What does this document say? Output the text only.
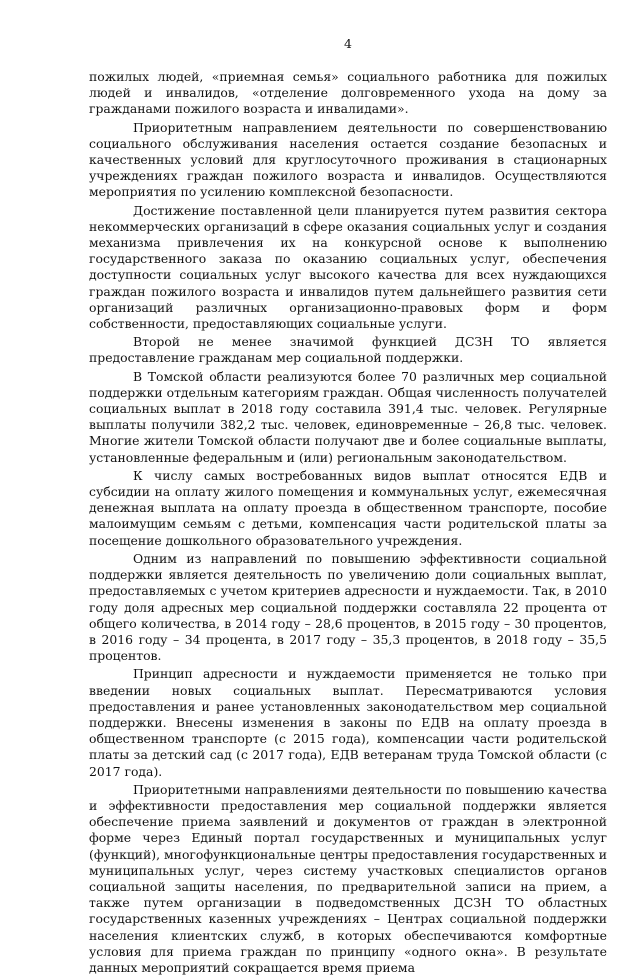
4

пожилых людей, «приемная семья» социального работника для пожилых людей и инвалидов, «отделение долговременного ухода на дому за гражданами пожилого возраста и инвалидами».

Приоритетным направлением деятельности по совершенствованию социального обслуживания населения остается создание безопасных и качественных условий для круглосуточного проживания в стационарных учреждениях граждан пожилого возраста и инвалидов. Осуществляются мероприятия по усилению комплексной безопасности.

Достижение поставленной цели планируется путем развития сектора некоммерческих организаций в сфере оказания социальных услуг и создания механизма привлечения их на конкурсной основе к выполнению государственного заказа по оказанию социальных услуг, обеспечения доступности социальных услуг высокого качества для всех нуждающихся граждан пожилого возраста и инвалидов путем дальнейшего развития сети организаций различных организационно-правовых форм и форм собственности, предоставляющих социальные услуги.

Второй не менее значимой функцией ДСЗН ТО является предоставление гражданам мер социальной поддержки.

В Томской области реализуются более 70 различных мер социальной поддержки отдельным категориям граждан. Общая численность получателей социальных выплат в 2018 году составила 391,4 тыс. человек. Регулярные выплаты получили 382,2 тыс. человек, единовременные – 26,8 тыс. человек. Многие жители Томской области получают две и более социальные выплаты, установленные федеральным и (или) региональным законодательством.

К числу самых востребованных видов выплат относятся ЕДВ и субсидии на оплату жилого помещения и коммунальных услуг, ежемесячная денежная выплата на оплату проезда в общественном транспорте, пособие малоимущим семьям с детьми, компенсация части родительской платы за посещение дошкольного образовательного учреждения.

Одним из направлений по повышению эффективности социальной поддержки является деятельность по увеличению доли социальных выплат, предоставляемых с учетом критериев адресности и нуждаемости. Так, в 2010 году доля адресных мер социальной поддержки составляла 22 процента от общего количества, в 2014 году – 28,6 процентов, в 2015 году – 30 процентов, в 2016 году – 34 процента, в 2017 году – 35,3 процентов, в 2018 году – 35,5 процентов.

Принцип адресности и нуждаемости применяется не только при введении новых социальных выплат. Пересматриваются условия предоставления и ранее установленных законодательством мер социальной поддержки. Внесены изменения в законы по ЕДВ на оплату проезда в общественном транспорте (с 2015 года), компенсации части родительской платы за детский сад (с 2017 года), ЕДВ ветеранам труда Томской области (с 2017 года).

Приоритетными направлениями деятельности по повышению качества и эффективности предоставления мер социальной поддержки является обеспечение приема заявлений и документов от граждан в электронной форме через Единый портал государственных и муниципальных услуг (функций), многофункциональные центры предоставления государственных и муниципальных услуг, через систему участковых специалистов органов социальной защиты населения, по предварительной записи на прием, а также путем организации в подведомственных ДСЗН ТО областных государственных казенных учреждениях – Центрах социальной поддержки населения клиентских служб, в которых обеспечиваются комфортные условия для приема граждан по принципу «одного окна». В результате данных мероприятий сокращается время приема
